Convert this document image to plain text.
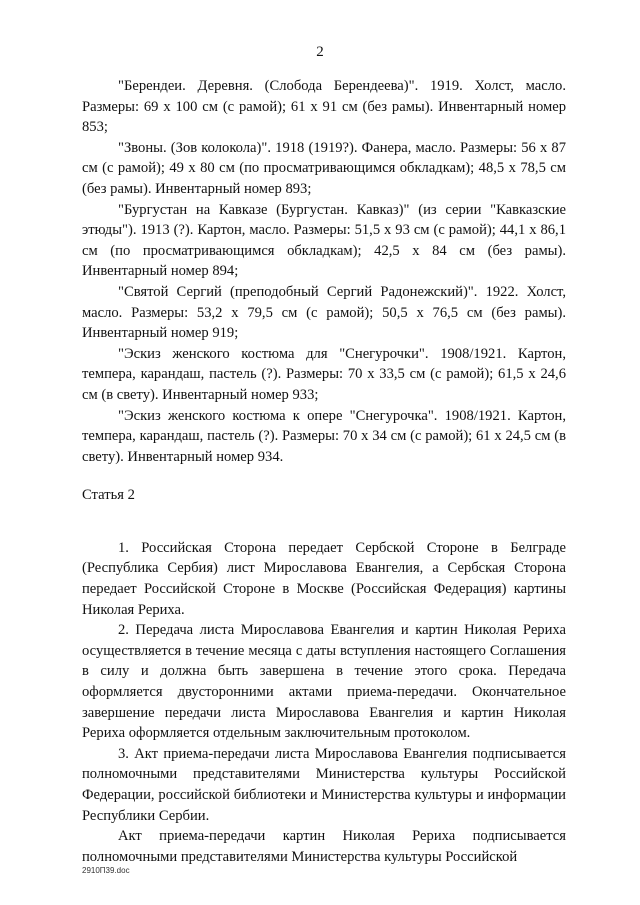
2

"Берендеи. Деревня. (Слобода Берендеева)". 1919. Холст, масло. Размеры: 69 x 100 см (с рамой); 61 x 91 см (без рамы). Инвентарный номер 853;

"Звоны. (Зов колокола)". 1918 (1919?). Фанера, масло. Размеры: 56 x 87 см (с рамой); 49 x 80 см (по просматривающимся обкладкам); 48,5 x 78,5 см (без рамы). Инвентарный номер 893;

"Бургустан на Кавказе (Бургустан. Кавказ)" (из серии "Кавказские этюды"). 1913 (?). Картон, масло. Размеры: 51,5 x 93 см (с рамой); 44,1 x 86,1 см (по просматривающимся обкладкам); 42,5 x 84 см (без рамы). Инвентарный номер 894;

"Святой Сергий (преподобный Сергий Радонежский)". 1922. Холст, масло. Размеры: 53,2 x 79,5 см (с рамой); 50,5 x 76,5 см (без рамы). Инвентарный номер 919;

"Эскиз женского костюма для "Снегурочки". 1908/1921. Картон, темпера, карандаш, пастель (?). Размеры: 70 x 33,5 см (с рамой); 61,5 x 24,6 см (в свету). Инвентарный номер 933;

"Эскиз женского костюма к опере "Снегурочка". 1908/1921. Картон, темпера, карандаш, пастель (?). Размеры: 70 x 34 см (с рамой); 61 x 24,5 см (в свету). Инвентарный номер 934.

Статья 2

1. Российская Сторона передает Сербской Стороне в Белграде (Республика Сербия) лист Мирославова Евангелия, а Сербская Сторона передает Российской Стороне в Москве (Российская Федерация) картины Николая Рериха.

2. Передача листа Мирославова Евангелия и картин Николая Рериха осуществляется в течение месяца с даты вступления настоящего Соглашения в силу и должна быть завершена в течение этого срока. Передача оформляется двусторонними актами приема-передачи. Окончательное завершение передачи листа Мирославова Евангелия и картин Николая Рериха оформляется отдельным заключительным протоколом.

3. Акт приема-передачи листа Мирославова Евангелия подписывается полномочными представителями Министерства культуры Российской Федерации, российской библиотеки и Министерства культуры и информации Республики Сербии.

Акт приема-передачи картин Николая Рериха подписывается полномочными представителями Министерства культуры Российской

2910П39.doc
